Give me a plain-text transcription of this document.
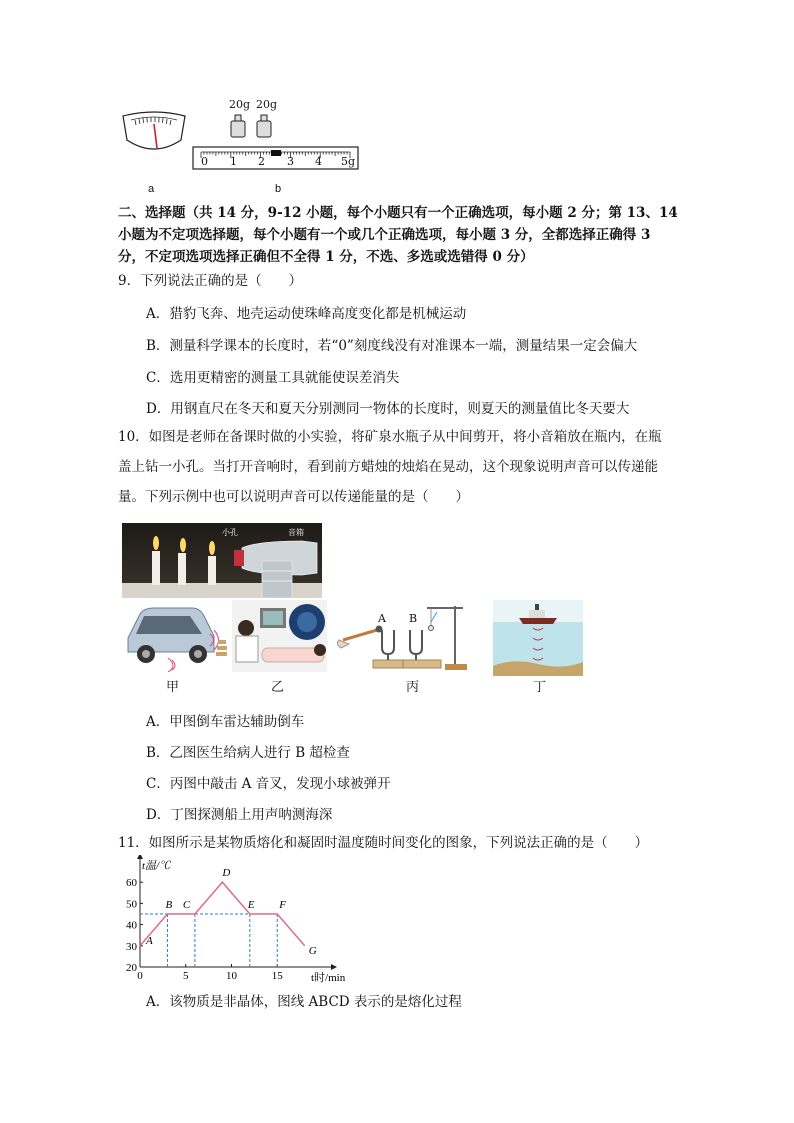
a
20g 20g
0 1 2 3 4 5g
b
二、选择题（共 14 分，9-12 小题，每个小题只有一个正确选项，每小题 2 分；第 13、14
小题为不定项选择题，每个小题有一个或几个正确选项，每小题 3 分，全都选择正确得 3
分，不定项选项选择正确但不全得 1 分，不选、多选或选错得 0 分）
9．下列说法正确的是（　　）
A．猎豹飞奔、地壳运动使珠峰高度变化都是机械运动
B．测量科学课本的长度时，若“0”刻度线没有对准课本一端，测量结果一定会偏大
C．选用更精密的测量工具就能使误差消失
D．用钢直尺在冬天和夏天分别测同一物体的长度时，则夏天的测量值比冬天要大
10．如图是老师在备课时做的小实验，将矿泉水瓶子从中间剪开，将小音箱放在瓶内，在瓶
盖上钻一小孔。当打开音响时，看到前方蜡烛的烛焰在晃动，这个现象说明声音可以传递能
量。下列示例中也可以说明声音可以传递能量的是（　　）
小孔	音箱
A B
甲	乙	丙	丁
A．甲图倒车雷达辅助倒车
B．乙图医生给病人进行 B 超检查
C．丙图中敲击 A 音叉，发现小球被弹开
D．丁图探测船上用声呐测海深
11．如图所示是某物质熔化和凝固时温度随时间变化的图象，下列说法正确的是（　　）
20
30
40
50
60
0	5	10	15
A
B C
D
E F
G
t温/℃
t时/min
A．该物质是非晶体，图线 ABCD 表示的是熔化过程
